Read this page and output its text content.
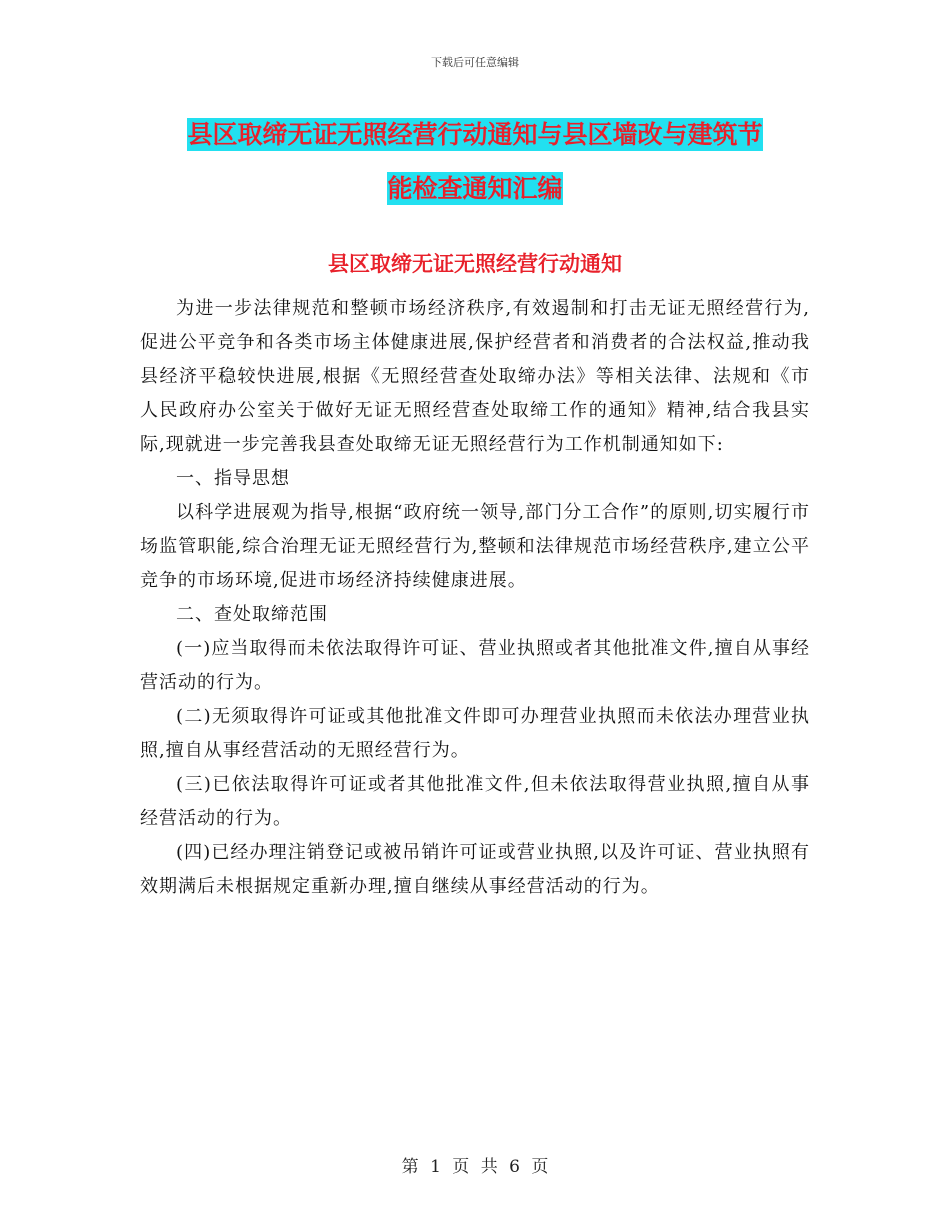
下载后可任意编辑
县区取缔无证无照经营行动通知与县区墙改与建筑节
能检查通知汇编
县区取缔无证无照经营行动通知

为进一步法律规范和整顿市场经济秩序,有效遏制和打击无证无照经营行为,促进公平竞争和各类市场主体健康进展,保护经营者和消费者的合法权益,推动我县经济平稳较快进展,根据《无照经营查处取缔办法》等相关法律、法规和《市人民政府办公室关于做好无证无照经营查处取缔工作的通知》精神,结合我县实际,现就进一步完善我县查处取缔无证无照经营行为工作机制通知如下:

一、指导思想

以科学进展观为指导,根据“政府统一领导,部门分工合作”的原则,切实履行市场监管职能,综合治理无证无照经营行为,整顿和法律规范市场经营秩序,建立公平竞争的市场环境,促进市场经济持续健康进展。

二、查处取缔范围

(一)应当取得而未依法取得许可证、营业执照或者其他批准文件,擅自从事经营活动的行为。

(二)无须取得许可证或其他批准文件即可办理营业执照而未依法办理营业执照,擅自从事经营活动的无照经营行为。

(三)已依法取得许可证或者其他批准文件,但未依法取得营业执照,擅自从事经营活动的行为。

(四)已经办理注销登记或被吊销许可证或营业执照,以及许可证、营业执照有效期满后未根据规定重新办理,擅自继续从事经营活动的行为。

第 1 页 共 6 页
